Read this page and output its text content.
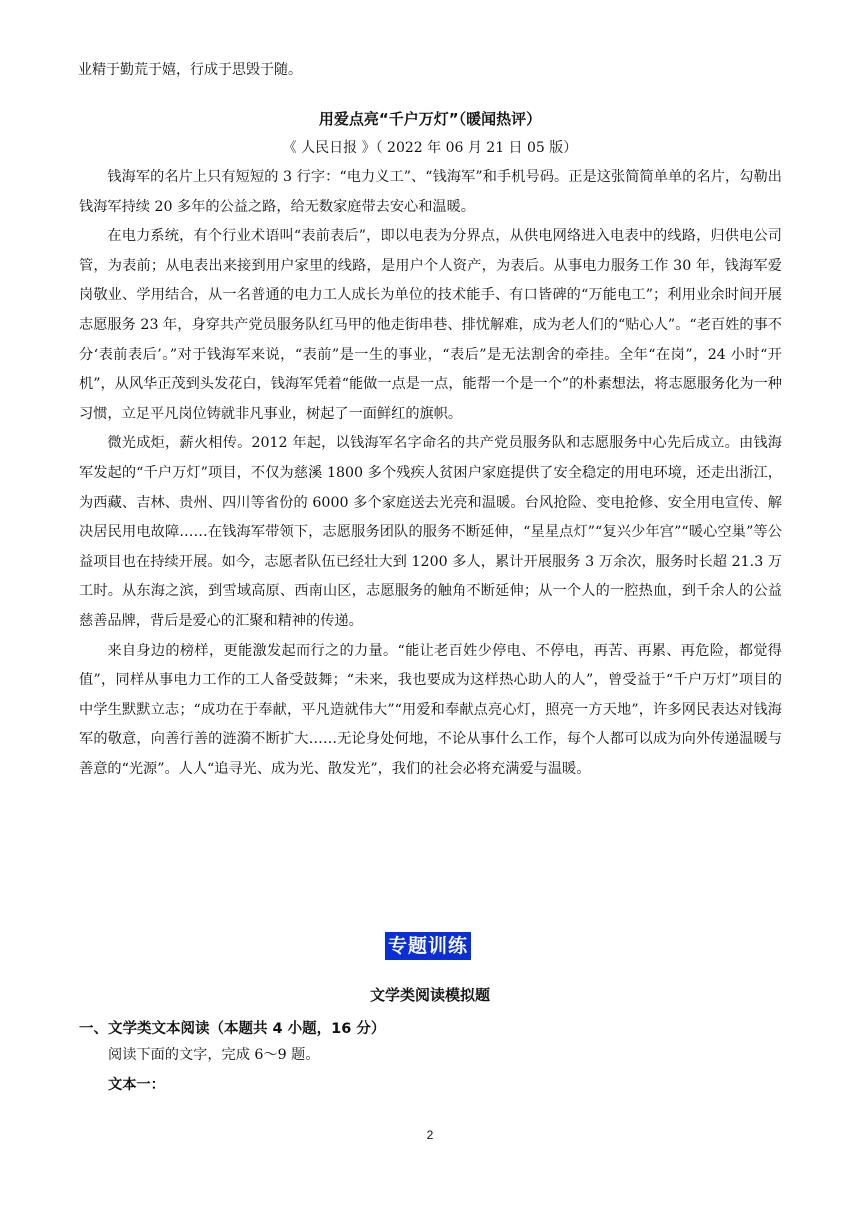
业精于勤荒于嬉，行成于思毁于随。
用爱点亮“千户万灯”（暖闻热评）
《 人民日报 》（ 2022 年 06 月 21 日 05 版）

钱海军的名片上只有短短的 3 行字：“电力义工”、“钱海军”和手机号码。正是这张简简单单的名片，勾勒出钱海军持续 20 多年的公益之路，给无数家庭带去安心和温暖。

在电力系统，有个行业术语叫“表前表后”，即以电表为分界点，从供电网络进入电表中的线路，归供电公司管，为表前；从电表出来接到用户家里的线路，是用户个人资产，为表后。从事电力服务工作 30 年，钱海军爱岗敬业、学用结合，从一名普通的电力工人成长为单位的技术能手、有口皆碑的“万能电工”；利用业余时间开展志愿服务 23 年，身穿共产党员服务队红马甲的他走街串巷、排忧解难，成为老人们的“贴心人”。“老百姓的事不分‘表前表后’。”对于钱海军来说，“表前”是一生的事业，“表后”是无法割舍的牵挂。全年“在岗”，24 小时“开机”，从风华正茂到头发花白，钱海军凭着“能做一点是一点，能帮一个是一个”的朴素想法，将志愿服务化为一种习惯，立足平凡岗位铸就非凡事业，树起了一面鲜红的旗帜。

微光成炬，薪火相传。2012 年起，以钱海军名字命名的共产党员服务队和志愿服务中心先后成立。由钱海军发起的“千户万灯”项目，不仅为慈溪 1800 多个残疾人贫困户家庭提供了安全稳定的用电环境，还走出浙江，为西藏、吉林、贵州、四川等省份的 6000 多个家庭送去光亮和温暖。台风抢险、变电抢修、安全用电宣传、解决居民用电故障……在钱海军带领下，志愿服务团队的服务不断延伸，“星星点灯”“复兴少年宫”“暖心空巢”等公益项目也在持续开展。如今，志愿者队伍已经壮大到 1200 多人，累计开展服务 3 万余次，服务时长超 21.3 万工时。从东海之滨，到雪域高原、西南山区，志愿服务的触角不断延伸；从一个人的一腔热血，到千余人的公益慈善品牌，背后是爱心的汇聚和精神的传递。

来自身边的榜样，更能激发起而行之的力量。“能让老百姓少停电、不停电，再苦、再累、再危险，都觉得值”，同样从事电力工作的工人备受鼓舞；“未来，我也要成为这样热心助人的人”，曾受益于“千户万灯”项目的中学生默默立志；“成功在于奉献，平凡造就伟大”“用爱和奉献点亮心灯，照亮一方天地”，许多网民表达对钱海军的敬意，向善行善的涟漪不断扩大……无论身处何地，不论从事什么工作，每个人都可以成为向外传递温暖与善意的“光源”。人人“追寻光、成为光、散发光”，我们的社会必将充满爱与温暖。

专题训练
文学类阅读模拟题
一、文学类文本阅读（本题共 4 小题，16 分）
阅读下面的文字，完成 6～9 题。
文本一：
2
